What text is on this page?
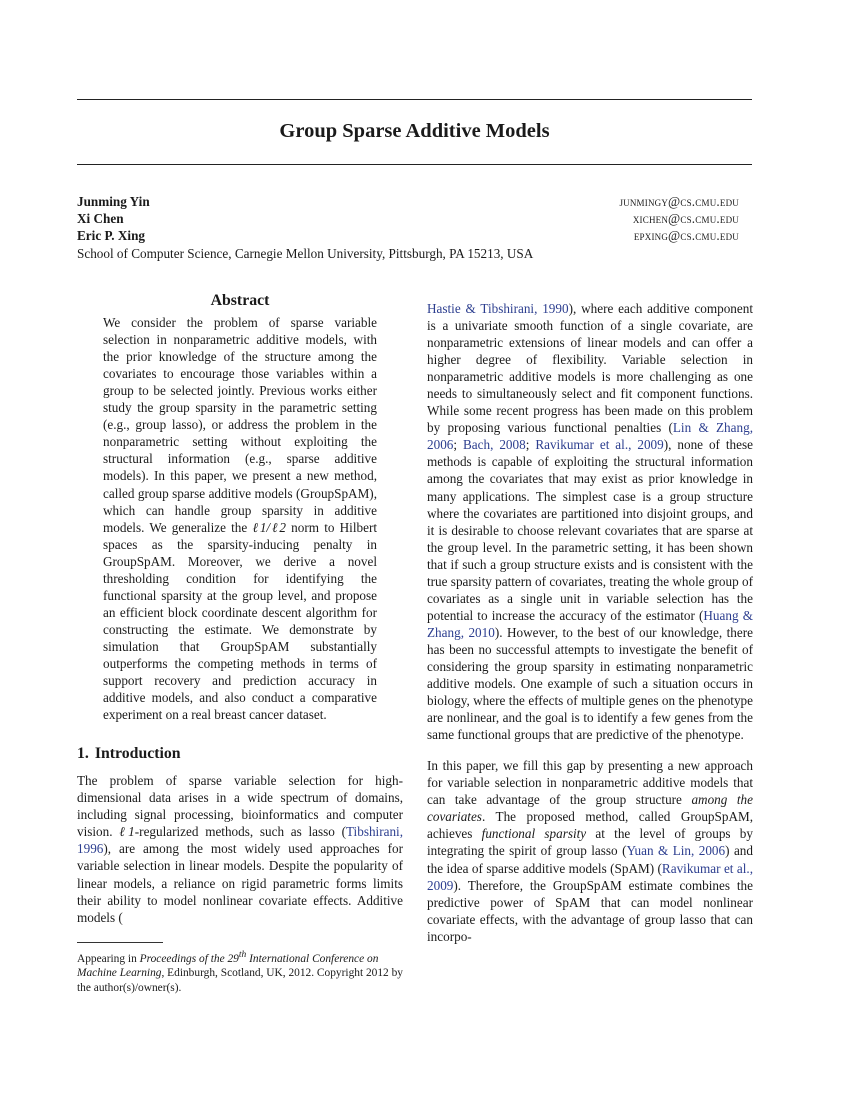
Group Sparse Additive Models
Junming Yin	junmingy@cs.cmu.edu
Xi Chen	xichen@cs.cmu.edu
Eric P. Xing	epxing@cs.cmu.edu
School of Computer Science, Carnegie Mellon University, Pittsburgh, PA 15213, USA
Abstract

We consider the problem of sparse variable selection in nonparametric additive models, with the prior knowledge of the structure among the covariates to encourage those variables within a group to be selected jointly. Previous works either study the group sparsity in the parametric setting (e.g., group lasso), or address the problem in the nonparametric setting without exploiting the structural information (e.g., sparse additive models). In this paper, we present a new method, called group sparse additive models (GroupSpAM), which can handle group sparsity in additive models. We generalize the ℓ1/ℓ2 norm to Hilbert spaces as the sparsity-inducing penalty in GroupSpAM. Moreover, we derive a novel thresholding condition for identifying the functional sparsity at the group level, and propose an efficient block coordinate descent algorithm for constructing the estimate. We demonstrate by simulation that GroupSpAM substantially outperforms the competing methods in terms of support recovery and prediction accuracy in additive models, and also conduct a comparative experiment on a real breast cancer dataset.

1. Introduction

The problem of sparse variable selection for high-dimensional data arises in a wide spectrum of domains, including signal processing, bioinformatics and computer vision. ℓ1-regularized methods, such as lasso (Tibshirani, 1996), are among the most widely used approaches for variable selection in linear models. Despite the popularity of linear models, a reliance on rigid parametric forms limits their ability to model nonlinear covariate effects. Additive models (

Appearing in Proceedings of the 29th International Conference on Machine Learning, Edinburgh, Scotland, UK, 2012. Copyright 2012 by the author(s)/owner(s).

Hastie & Tibshirani, 1990), where each additive component is a univariate smooth function of a single covariate, are nonparametric extensions of linear models and can offer a higher degree of flexibility. Variable selection in nonparametric additive models is more challenging as one needs to simultaneously select and fit component functions. While some recent progress has been made on this problem by proposing various functional penalties (Lin & Zhang, 2006; Bach, 2008; Ravikumar et al., 2009), none of these methods is capable of exploiting the structural information among the covariates that may exist as prior knowledge in many applications. The simplest case is a group structure where the covariates are partitioned into disjoint groups, and it is desirable to choose relevant covariates that are sparse at the group level. In the parametric setting, it has been shown that if such a group structure exists and is consistent with the true sparsity pattern of covariates, treating the whole group of covariates as a single unit in variable selection has the potential to increase the accuracy of the estimator (Huang & Zhang, 2010). However, to the best of our knowledge, there has been no successful attempts to investigate the benefit of considering the group sparsity in estimating nonparametric additive models. One example of such a situation occurs in biology, where the effects of multiple genes on the phenotype are nonlinear, and the goal is to identify a few genes from the same functional groups that are predictive of the phenotype.

In this paper, we fill this gap by presenting a new approach for variable selection in nonparametric additive models that can take advantage of the group structure among the covariates. The proposed method, called GroupSpAM, achieves functional sparsity at the level of groups by integrating the spirit of group lasso (Yuan & Lin, 2006) and the idea of sparse additive models (SpAM) (Ravikumar et al., 2009). Therefore, the GroupSpAM estimate combines the predictive power of SpAM that can model nonlinear covariate effects, with the advantage of group lasso that can incorpo-
